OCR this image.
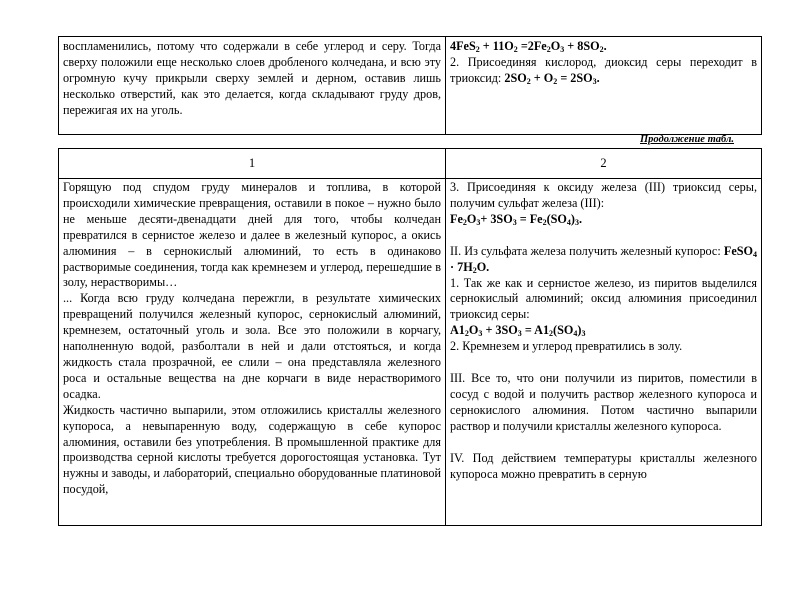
воспламенились, потому что содержали в себе углерод и серу. Тогда сверху положили еще несколько слоев дробленого колчедана, и всю эту огромную кучу прикрыли сверху землей и дерном, оставив лишь несколько отверстий, как это делается, когда складывают груду дров, пережигая их на уголь.

$4FeS_2 + 11O_2 =2Fe_2O_3 + 8SO_2$.

2. Присоединяя кислород, диоксид серы переходит в триоксид: $2SO_2 + O_2 = 2SO_3$.

Продолжение табл.
1	2

Горящую под спудом груду минералов и топлива, в которой происходили химические превращения, оставили в покое – нужно было не меньше десяти-двенадцати дней для того, чтобы колчедан превратился в сернистое железо и далее в железный купорос, а окись алюминия – в сернокислый алюминий, то есть в одинаково растворимые соединения, тогда как кремнезем и углерод, перешедшие в золу, нерастворимы…

... Когда всю груду колчедана пережгли, в результате химических превращений получился железный купорос, сернокислый алюминий, кремнезем, остаточный уголь и зола. Все это положили в корчагу, наполненную водой, разболтали в ней и дали отстояться, и когда жидкость стала прозрачной, ее слили – она представляла железного роса и остальные вещества на дне корчаги в виде нерастворимого осадка.

Жидкость частично выпарили, этом отложились кристаллы железного купороса, а невыпаренную воду, содержащую в себе купорос алюминия, оставили без употребления. В промышленной практике для производства серной кислоты требуется дорогостоящая установка. Тут нужны и заводы, и лабораторий, специально оборудованные платиновой посудой,

3. Присоединяя к оксиду железа (III) триоксид серы, получим сульфат железа (III):

$Fe_2O_3+ 3SO_3 = Fe_2(SO_4)_3$.

II. Из сульфата железа получить железный купорос: FeSO$_4$ · $7H_2O$.

1. Так же как и сернистое железо, из пиритов выделился сернокислый алюминий; оксид алюминия присоединил триоксид серы:

$A1_2O_3 + 3SO_3 = A1_2(SO_4)_3$

2. Кремнезем и углерод превратились в золу.

III. Все то, что они получили из пиритов, поместили в сосуд с водой и получить раствор железного купороса и сернокислого алюминия. Потом частично выпарили раствор и получили кристаллы железного купороса.

IV. Под действием температуры кристаллы железного купороса можно превратить в серную
